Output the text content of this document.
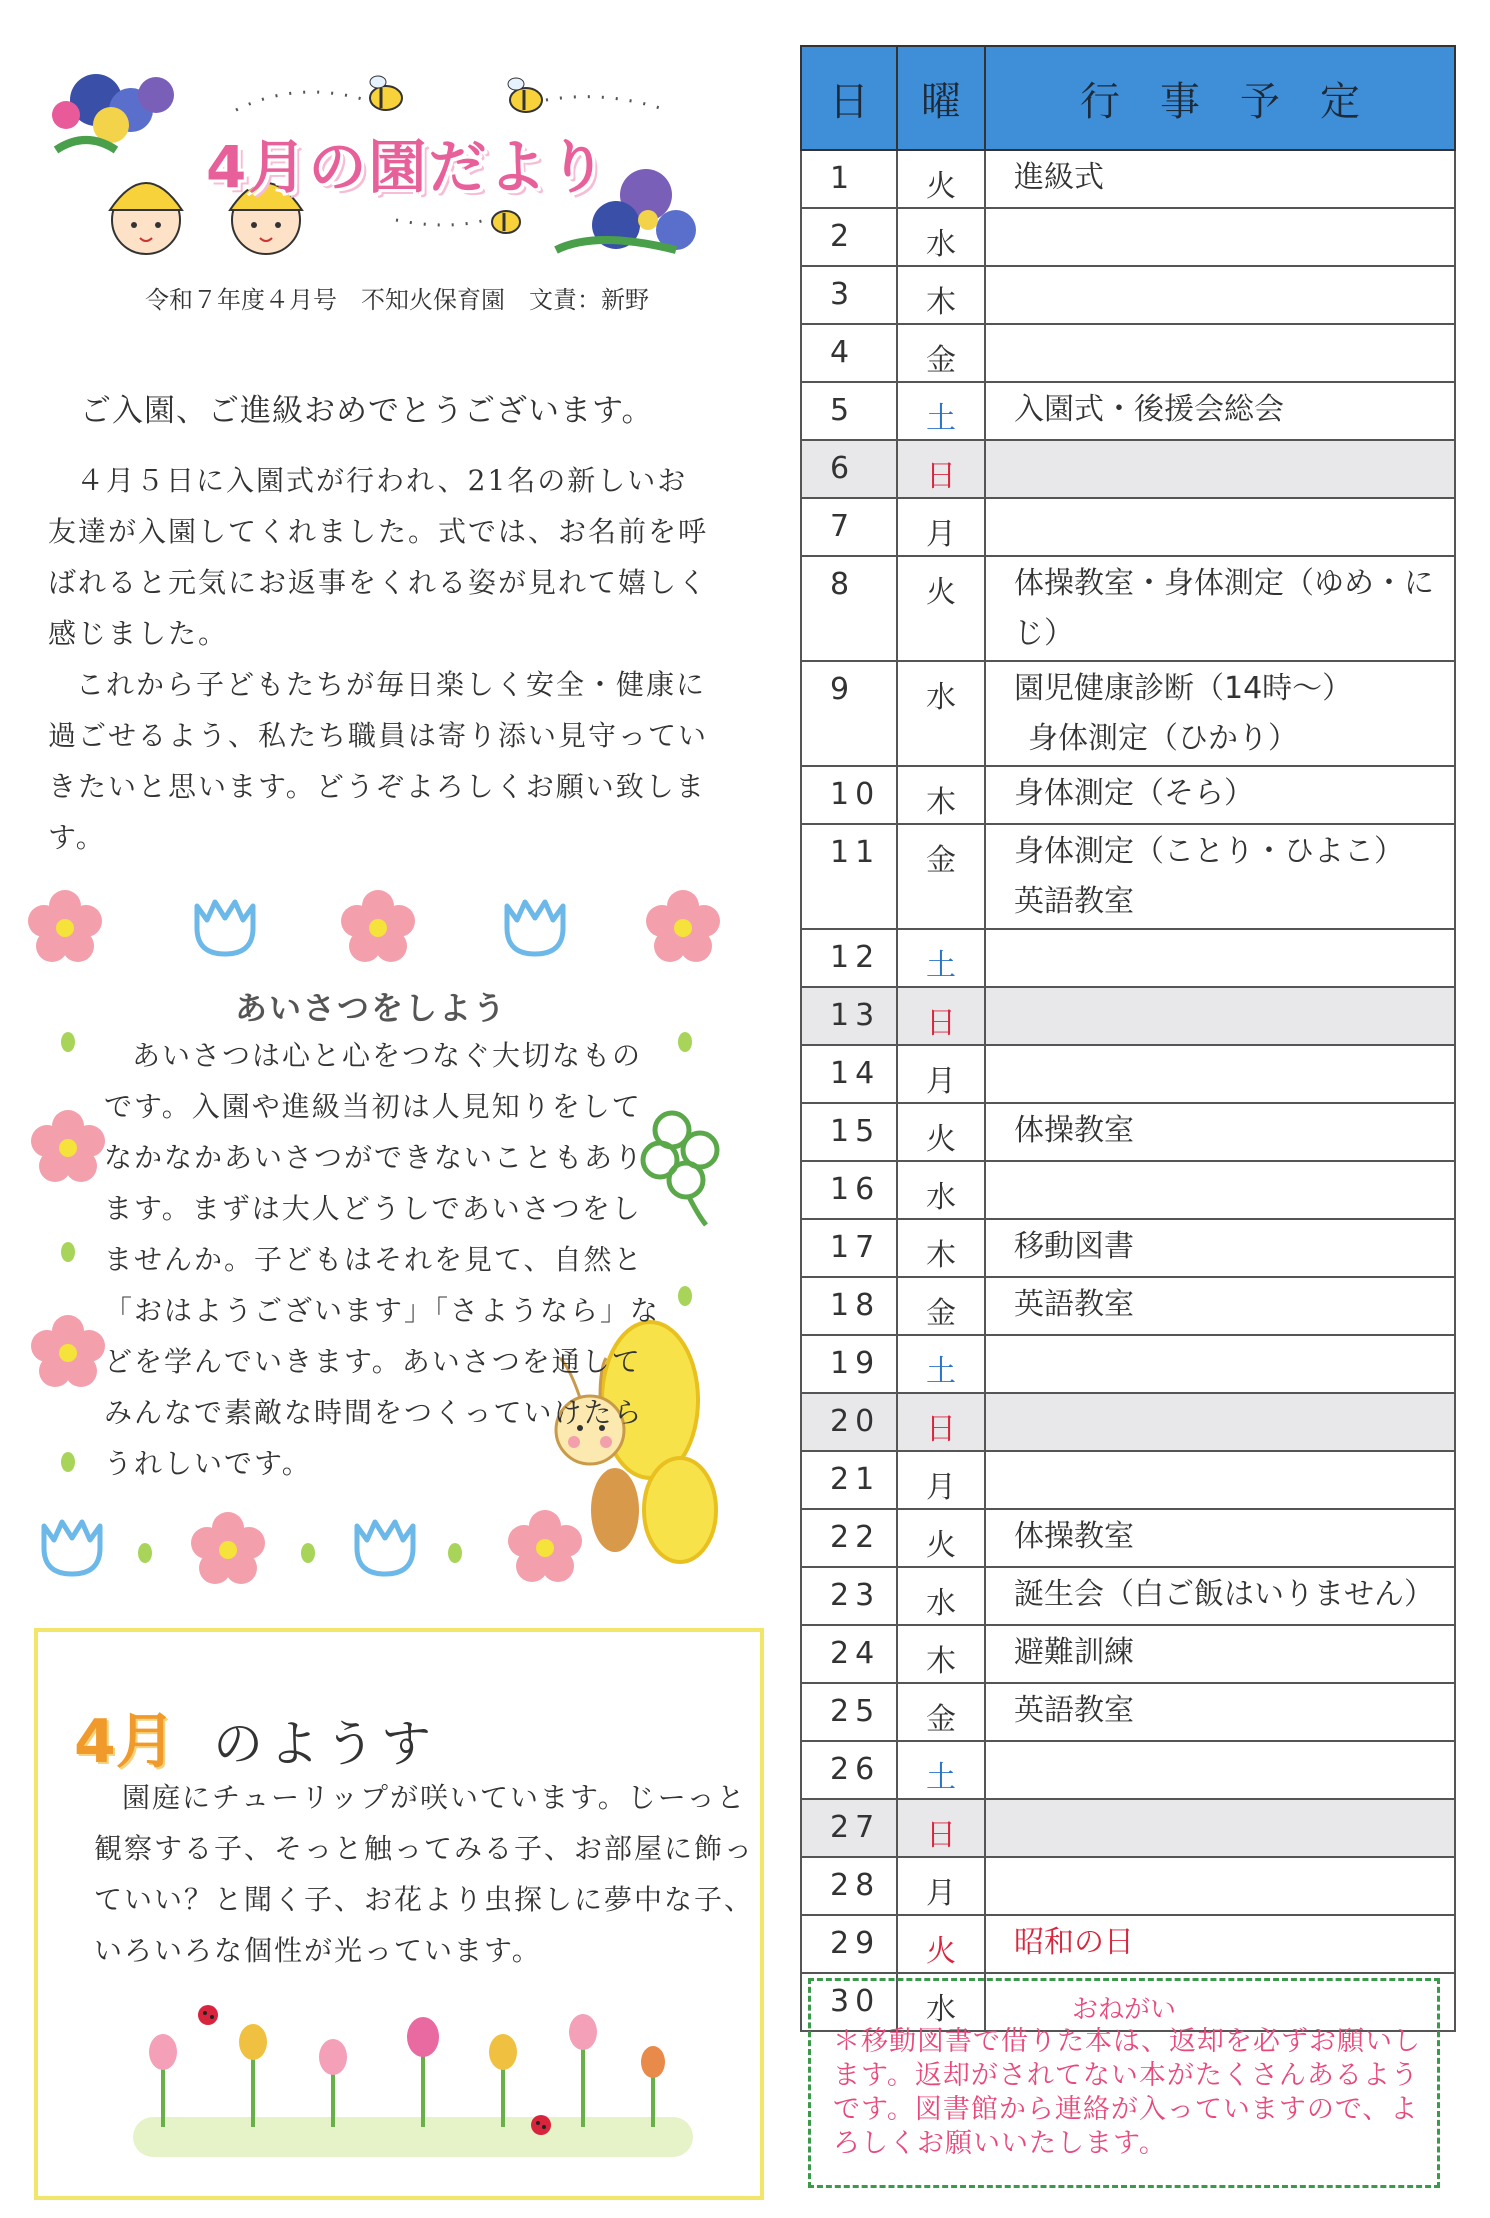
4月の園だより
令和７年度４月号　不知火保育園　文責：新野
ご入園、ご進級おめでとうございます。

４月５日に入園式が行われ、21名の新しいお友達が入園してくれました。式では、お名前を呼ばれると元気にお返事をくれる姿が見れて嬉しく感じました。

これから子どもたちが毎日楽しく安全・健康に過ごせるよう、私たち職員は寄り添い見守っていきたいと思います。どうぞよろしくお願い致します。

あいさつをしよう

あいさつは心と心をつなぐ大切なものです。入園や進級当初は人見知りをしてなかなかあいさつができないこともあります。まずは大人どうしであいさつをしませんか。子どもはそれを見て、自然と「おはようございます」「さようなら」などを学んでいきます。あいさつを通してみんなで素敵な時間をつくっていけたらうれしいです。

4月 のようす

園庭にチューリップが咲いています。じーっと観察する子、そっと触ってみる子、お部屋に飾っていい？と聞く子、お花より虫探しに夢中な子、いろいろな個性が光っています。

日	曜	行　事　予　定
1	火	進級式

2	水	

3	木	

4	金	

5	土	入園式・後援会総会

6	日	

7	月	

8	火	体操教室・身体測定（ゆめ・にじ）

9	水	園児健康診断（14時～）
身体測定（ひかり）

10	木	身体測定（そら）

11	金	身体測定（ことり・ひよこ）
英語教室

12	土	

13	日	

14	月	

15	火	体操教室

16	水	

17	木	移動図書

18	金	英語教室

19	土	

20	日	

21	月	

22	火	体操教室

23	水	誕生会（白ご飯はいりません）

24	木	避難訓練

25	金	英語教室

26	土	

27	日	

28	月	

29	火	昭和の日

30	水		おねがい
＊移動図書で借りた本は、返却を必ずお願いします。返却がされてない本がたくさんあるようです。図書館から連絡が入っていますので、よろしくお願いいたします。
